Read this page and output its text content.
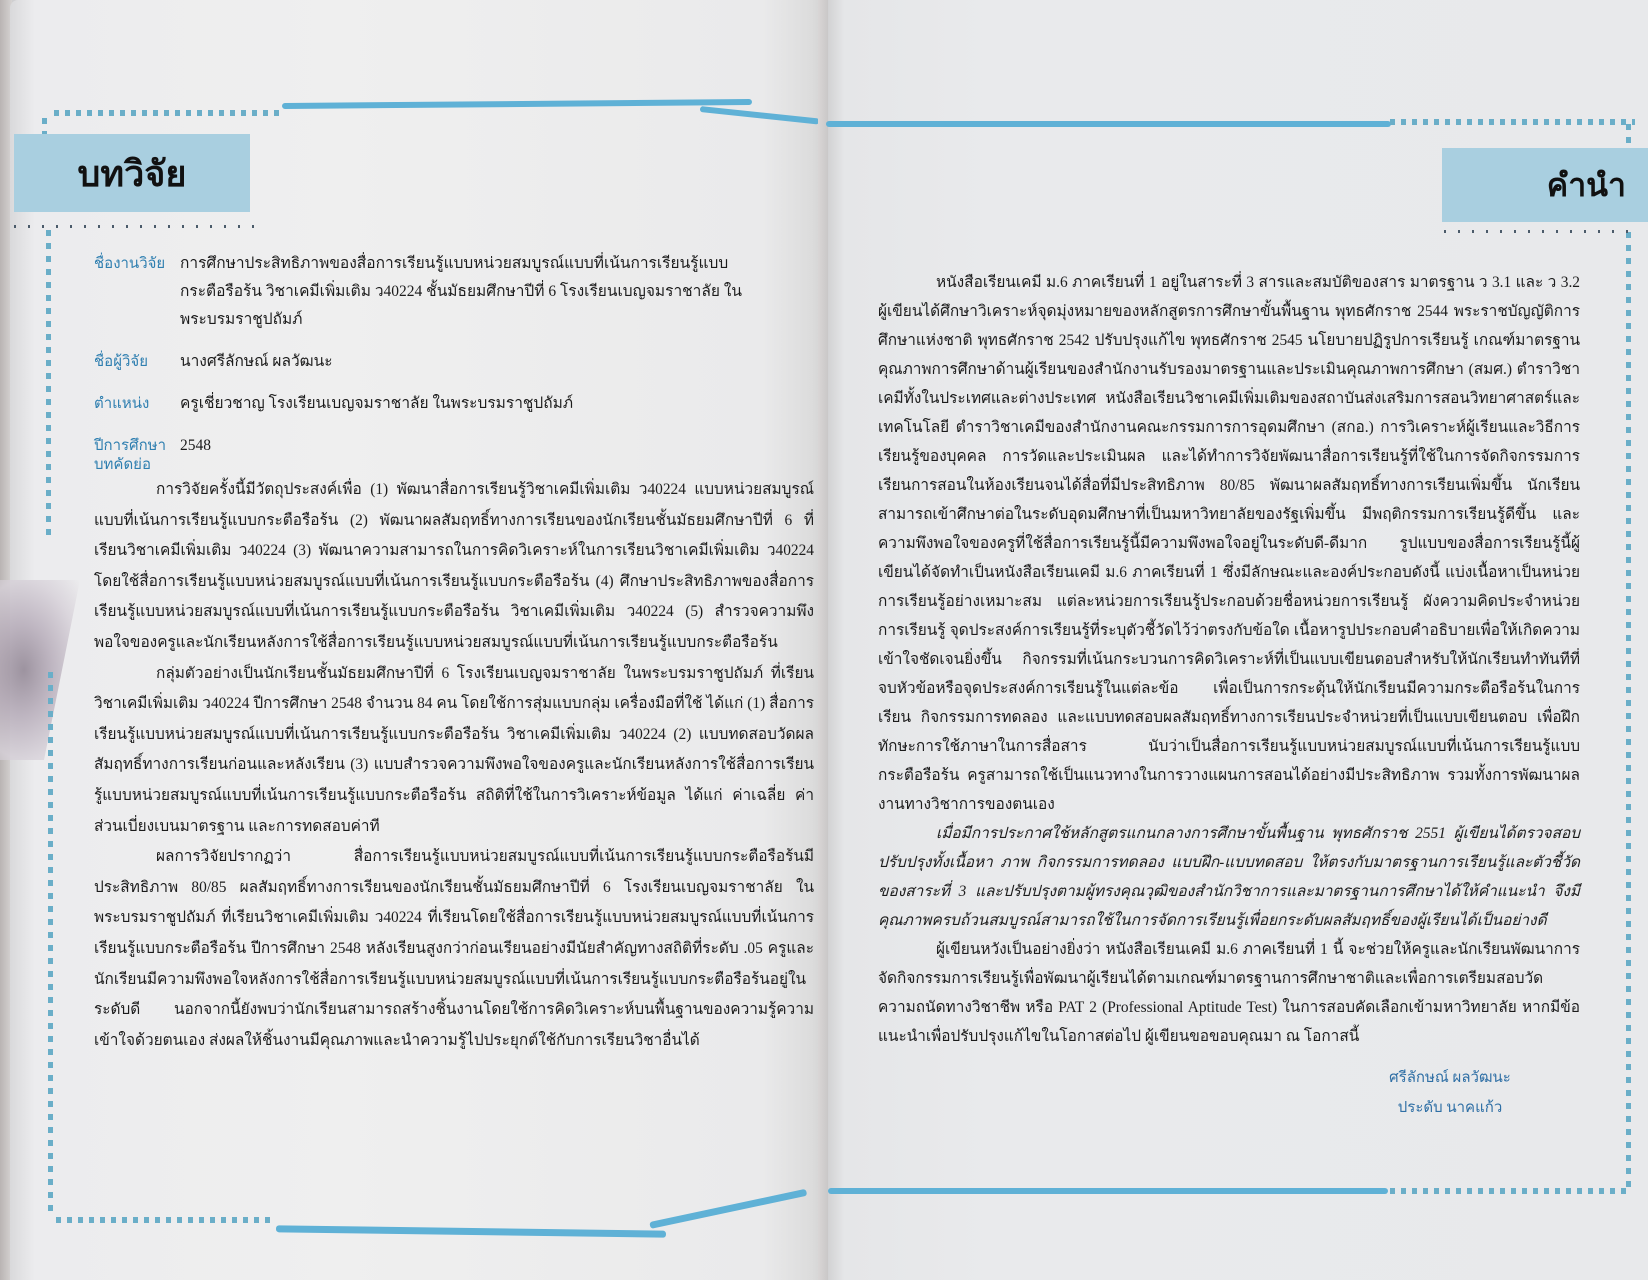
บทวิจัย
ชื่องานวิจัย การศึกษาประสิทธิภาพของสื่อการเรียนรู้แบบหน่วยสมบูรณ์แบบที่เน้นการเรียนรู้แบบกระตือรือร้น วิชาเคมีเพิ่มเติม ว40224 ชั้นมัธยมศึกษาปีที่ 6 โรงเรียนเบญจมราชาลัย ในพระบรมราชูปถัมภ์
ชื่อผู้วิจัย	นางศรีลักษณ์ ผลวัฒนะ
ตำแหน่ง	ครูเชี่ยวชาญ โรงเรียนเบญจมราชาลัย ในพระบรมราชูปถัมภ์
ปีการศึกษา 2548
บทคัดย่อ

การวิจัยครั้งนี้มีวัตถุประสงค์เพื่อ (1) พัฒนาสื่อการเรียนรู้วิชาเคมีเพิ่มเติม ว40224 แบบหน่วยสมบูรณ์แบบที่เน้นการเรียนรู้แบบกระตือรือร้น (2) พัฒนาผลสัมฤทธิ์ทางการเรียนของนักเรียนชั้นมัธยมศึกษาปีที่ 6 ที่เรียนวิชาเคมีเพิ่มเติม ว40224 (3) พัฒนาความสามารถในการคิดวิเคราะห์ในการเรียนวิชาเคมีเพิ่มเติม ว40224 โดยใช้สื่อการเรียนรู้แบบหน่วยสมบูรณ์แบบที่เน้นการเรียนรู้แบบกระตือรือร้น (4) ศึกษาประสิทธิภาพของสื่อการเรียนรู้แบบหน่วยสมบูรณ์แบบที่เน้นการเรียนรู้แบบกระตือรือร้น วิชาเคมีเพิ่มเติม ว40224 (5) สำรวจความพึงพอใจของครูและนักเรียนหลังการใช้สื่อการเรียนรู้แบบหน่วยสมบูรณ์แบบที่เน้นการเรียนรู้แบบกระตือรือร้น

กลุ่มตัวอย่างเป็นนักเรียนชั้นมัธยมศึกษาปีที่ 6 โรงเรียนเบญจมราชาลัย ในพระบรมราชูปถัมภ์ ที่เรียนวิชาเคมีเพิ่มเติม ว40224 ปีการศึกษา 2548 จำนวน 84 คน โดยใช้การสุ่มแบบกลุ่ม เครื่องมือที่ใช้ ได้แก่ (1) สื่อการเรียนรู้แบบหน่วยสมบูรณ์แบบที่เน้นการเรียนรู้แบบกระตือรือร้น วิชาเคมีเพิ่มเติม ว40224 (2) แบบทดสอบวัดผลสัมฤทธิ์ทางการเรียนก่อนและหลังเรียน (3) แบบสำรวจความพึงพอใจของครูและนักเรียนหลังการใช้สื่อการเรียนรู้แบบหน่วยสมบูรณ์แบบที่เน้นการเรียนรู้แบบกระตือรือร้น สถิติที่ใช้ในการวิเคราะห์ข้อมูล ได้แก่ ค่าเฉลี่ย ค่าส่วนเบี่ยงเบนมาตรฐาน และการทดสอบค่าที

ผลการวิจัยปรากฏว่า สื่อการเรียนรู้แบบหน่วยสมบูรณ์แบบที่เน้นการเรียนรู้แบบกระตือรือร้นมีประสิทธิภาพ 80/85 ผลสัมฤทธิ์ทางการเรียนของนักเรียนชั้นมัธยมศึกษาปีที่ 6 โรงเรียนเบญจมราชาลัย ในพระบรมราชูปถัมภ์ ที่เรียนวิชาเคมีเพิ่มเติม ว40224 ที่เรียนโดยใช้สื่อการเรียนรู้แบบหน่วยสมบูรณ์แบบที่เน้นการเรียนรู้แบบกระตือรือร้น ปีการศึกษา 2548 หลังเรียนสูงกว่าก่อนเรียนอย่างมีนัยสำคัญทางสถิติที่ระดับ .05 ครูและนักเรียนมีความพึงพอใจหลังการใช้สื่อการเรียนรู้แบบหน่วยสมบูรณ์แบบที่เน้นการเรียนรู้แบบกระตือรือร้นอยู่ในระดับดี นอกจากนี้ยังพบว่านักเรียนสามารถสร้างชิ้นงานโดยใช้การคิดวิเคราะห์บนพื้นฐานของความรู้ความเข้าใจด้วยตนเอง ส่งผลให้ชิ้นงานมีคุณภาพและนำความรู้ไปประยุกต์ใช้กับการเรียนวิชาอื่นได้

คำนำ

หนังสือเรียนเคมี ม.6 ภาคเรียนที่ 1 อยู่ในสาระที่ 3 สารและสมบัติของสาร มาตรฐาน ว 3.1 และ ว 3.2 ผู้เขียนได้ศึกษาวิเคราะห์จุดมุ่งหมายของหลักสูตรการศึกษาขั้นพื้นฐาน พุทธศักราช 2544 พระราชบัญญัติการศึกษาแห่งชาติ พุทธศักราช 2542 ปรับปรุงแก้ไข พุทธศักราช 2545 นโยบายปฏิรูปการเรียนรู้ เกณฑ์มาตรฐานคุณภาพการศึกษาด้านผู้เรียนของสำนักงานรับรองมาตรฐานและประเมินคุณภาพการศึกษา (สมศ.) ตำราวิชาเคมีทั้งในประเทศและต่างประเทศ หนังสือเรียนวิชาเคมีเพิ่มเติมของสถาบันส่งเสริมการสอนวิทยาศาสตร์และเทคโนโลยี ตำราวิชาเคมีของสำนักงานคณะกรรมการการอุดมศึกษา (สกอ.) การวิเคราะห์ผู้เรียนและวิธีการเรียนรู้ของบุคคล การวัดและประเมินผล และได้ทำการวิจัยพัฒนาสื่อการเรียนรู้ที่ใช้ในการจัดกิจกรรมการเรียนการสอนในห้องเรียนจนได้สื่อที่มีประสิทธิภาพ 80/85 พัฒนาผลสัมฤทธิ์ทางการเรียนเพิ่มขึ้น นักเรียนสามารถเข้าศึกษาต่อในระดับอุดมศึกษาที่เป็นมหาวิทยาลัยของรัฐเพิ่มขึ้น มีพฤติกรรมการเรียนรู้ดีขึ้น และความพึงพอใจของครูที่ใช้สื่อการเรียนรู้นี้มีความพึงพอใจอยู่ในระดับดี-ดีมาก รูปแบบของสื่อการเรียนรู้นี้ผู้เขียนได้จัดทำเป็นหนังสือเรียนเคมี ม.6 ภาคเรียนที่ 1 ซึ่งมีลักษณะและองค์ประกอบดังนี้ แบ่งเนื้อหาเป็นหน่วยการเรียนรู้อย่างเหมาะสม แต่ละหน่วยการเรียนรู้ประกอบด้วยชื่อหน่วยการเรียนรู้ ผังความคิดประจำหน่วยการเรียนรู้ จุดประสงค์การเรียนรู้ที่ระบุตัวชี้วัดไว้ว่าตรงกับข้อใด เนื้อหารูปประกอบคำอธิบายเพื่อให้เกิดความเข้าใจชัดเจนยิ่งขึ้น กิจกรรมที่เน้นกระบวนการคิดวิเคราะห์ที่เป็นแบบเขียนตอบสำหรับให้นักเรียนทำทันทีที่จบหัวข้อหรือจุดประสงค์การเรียนรู้ในแต่ละข้อ เพื่อเป็นการกระตุ้นให้นักเรียนมีความกระตือรือร้นในการเรียน กิจกรรมการทดลอง และแบบทดสอบผลสัมฤทธิ์ทางการเรียนประจำหน่วยที่เป็นแบบเขียนตอบ เพื่อฝึกทักษะการใช้ภาษาในการสื่อสาร นับว่าเป็นสื่อการเรียนรู้แบบหน่วยสมบูรณ์แบบที่เน้นการเรียนรู้แบบกระตือรือร้น ครูสามารถใช้เป็นแนวทางในการวางแผนการสอนได้อย่างมีประสิทธิภาพ รวมทั้งการพัฒนาผลงานทางวิชาการของตนเอง

เมื่อมีการประกาศใช้หลักสูตรแกนกลางการศึกษาขั้นพื้นฐาน พุทธศักราช 2551 ผู้เขียนได้ตรวจสอบ ปรับปรุงทั้งเนื้อหา ภาพ กิจกรรมการทดลอง แบบฝึก-แบบทดสอบ ให้ตรงกับมาตรฐานการเรียนรู้และตัวชี้วัดของสาระที่ 3 และปรับปรุงตามผู้ทรงคุณวุฒิของสำนักวิชาการและมาตรฐานการศึกษาได้ให้คำแนะนำ จึงมีคุณภาพครบถ้วนสมบูรณ์สามารถใช้ในการจัดการเรียนรู้เพื่อยกระดับผลสัมฤทธิ์ของผู้เรียนได้เป็นอย่างดี

ผู้เขียนหวังเป็นอย่างยิ่งว่า หนังสือเรียนเคมี ม.6 ภาคเรียนที่ 1 นี้ จะช่วยให้ครูและนักเรียนพัฒนาการจัดกิจกรรมการเรียนรู้เพื่อพัฒนาผู้เรียนได้ตามเกณฑ์มาตรฐานการศึกษาชาติและเพื่อการเตรียมสอบวัดความถนัดทางวิชาชีพ หรือ PAT 2 (Professional Aptitude Test) ในการสอบคัดเลือกเข้ามหาวิทยาลัย หากมีข้อแนะนำเพื่อปรับปรุงแก้ไขในโอกาสต่อไป ผู้เขียนขอขอบคุณมา ณ โอกาสนี้

ศรีลักษณ์ ผลวัฒนะ
ประดับ นาคแก้ว
